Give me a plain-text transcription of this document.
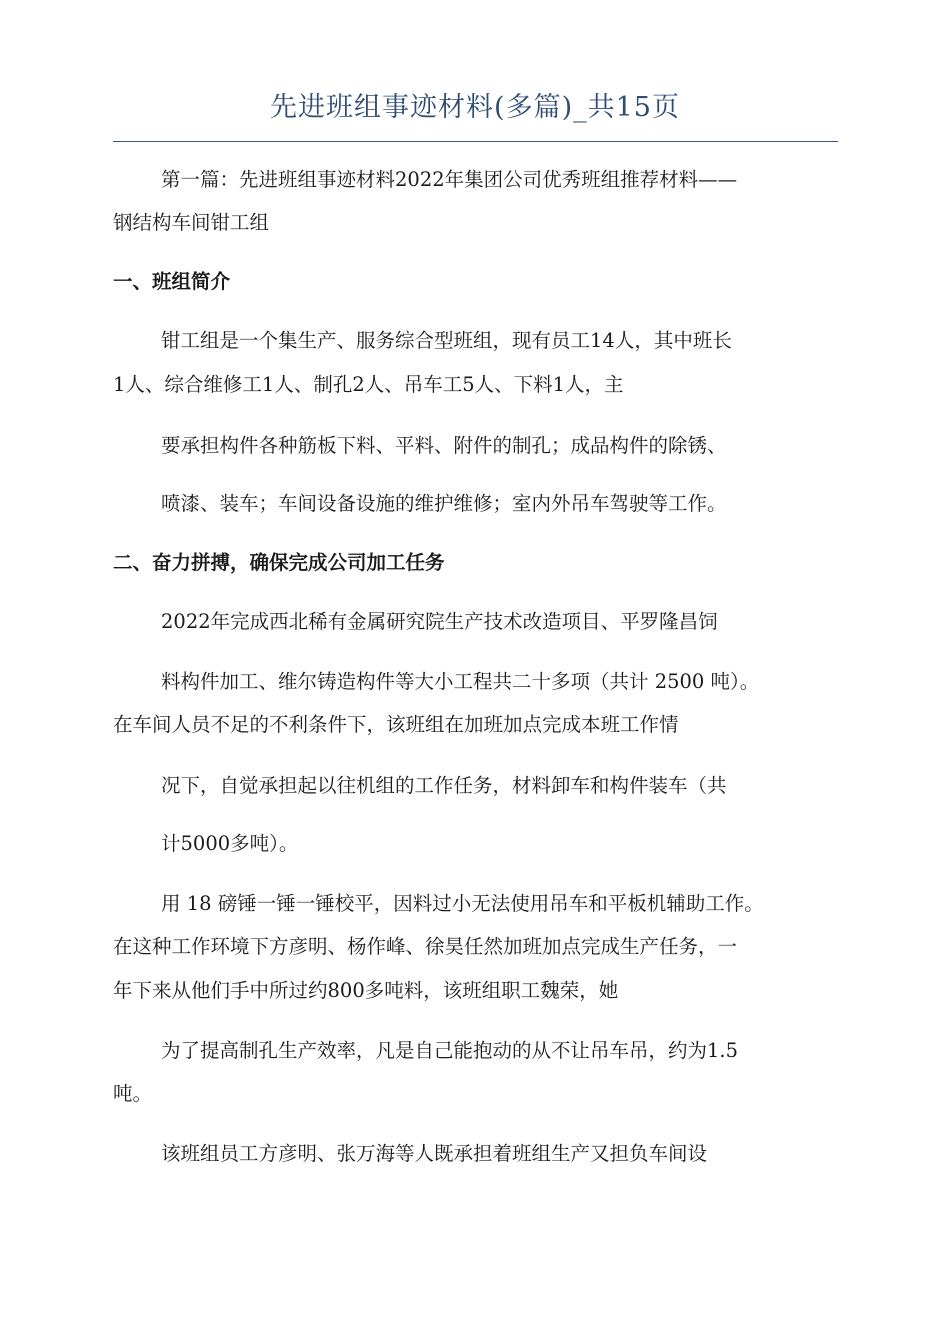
先进班组事迹材料(多篇)_共15页

第一篇：先进班组事迹材料2022年集团公司优秀班组推荐材料——

钢结构车间钳工组

一、班组简介

钳工组是一个集生产、服务综合型班组，现有员工14人，其中班长

1人、综合维修工1人、制孔2人、吊车工5人、下料1人，主

要承担构件各种筋板下料、平料、附件的制孔；成品构件的除锈、

喷漆、装车；车间设备设施的维护维修；室内外吊车驾驶等工作。

二、奋力拼搏，确保完成公司加工任务

2022年完成西北稀有金属研究院生产技术改造项目、平罗隆昌饲

料构件加工、维尔铸造构件等大小工程共二十多项（共计 2500 吨）。

在车间人员不足的不利条件下，该班组在加班加点完成本班工作情

况下，自觉承担起以往机组的工作任务，材料卸车和构件装车（共

计5000多吨）。

用 18 磅锤一锤一锤校平，因料过小无法使用吊车和平板机辅助工作。

在这种工作环境下方彦明、杨作峰、徐昊任然加班加点完成生产任务，一

年下来从他们手中所过约800多吨料，该班组职工魏荣，她

为了提高制孔生产效率，凡是自己能抱动的从不让吊车吊，约为1.5

吨。

该班组员工方彦明、张万海等人既承担着班组生产又担负车间设
